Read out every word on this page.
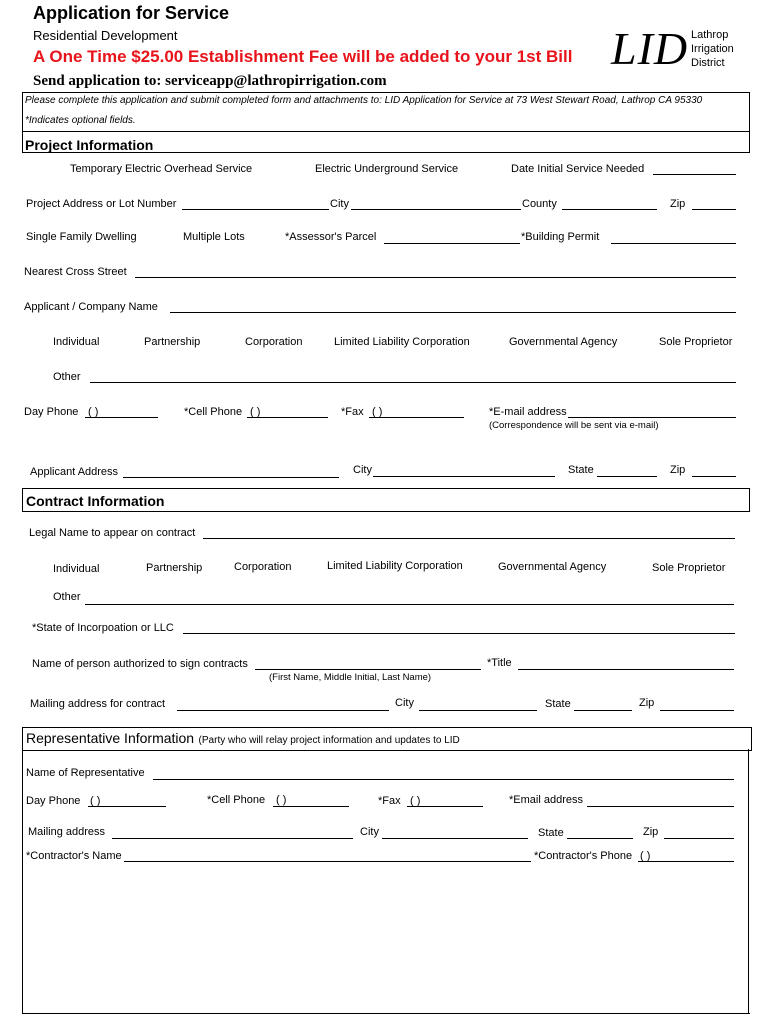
Application for Service
Residential Development
A One Time $25.00 Establishment Fee will be added to your 1st Bill
Send application to: serviceapp@lathropirrigation.com
LID Lathrop
Irrigation
District
Please complete this application and submit completed form and attachments to: LID Application for Service at 73 West Stewart Road, Lathrop CA 95330
*Indicates optional fields.
Project Information
Temporary Electric Overhead Service	Electric Underground Service	Date Initial Service Needed
Project Address or Lot Number	City	County	Zip
Single Family Dwelling	Multiple Lots	*Assessor's Parcel	*Building Permit
Nearest Cross Street
Applicant / Company Name
Individual	Partnership	Corporation	Limited Liability Corporation	Governmental Agency	Sole Proprietor
Other
Day Phone ( )	*Cell Phone ( )	*Fax ( )	*E-mail address
(Correspondence will be sent via e-mail)
Applicant Address	City	State	Zip
Contract Information
Legal Name to appear on contract
Individual	Partnership	Corporation	Limited Liability Corporation	Governmental Agency	Sole Proprietor
Other
*State of Incorpoation or LLC
Name of person authorized to sign contracts	*Title
(First Name, Middle Initial, Last Name)
Mailing address for contract	City	State	Zip
Representative Information (Party who will relay project information and updates to LID
Name of Representative
Day Phone ( )	*Cell Phone ( )	*Fax ( )	*Email address
Mailing address	City	State	Zip
*Contractor's Name	*Contractor's Phone ( )
